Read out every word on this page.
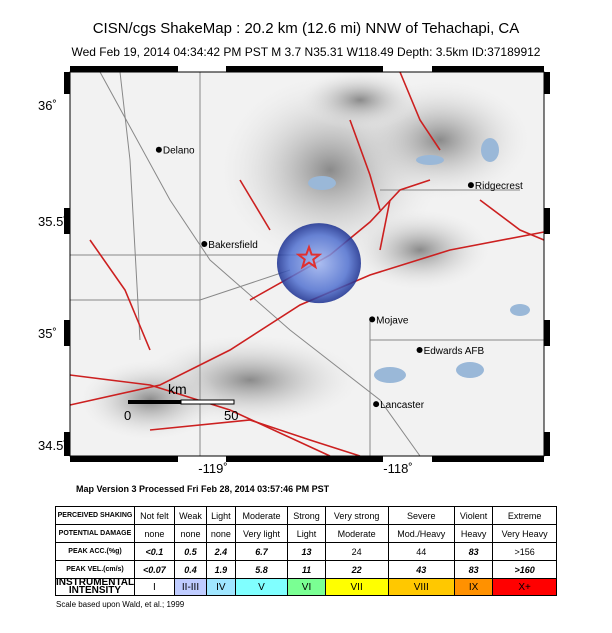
CISN/cgs ShakeMap : 20.2 km (12.6 mi) NNW of Tehachapi, CA
Wed Feb 19, 2014 04:34:42 PM PST M 3.7 N35.31 W118.49 Depth: 3.5km ID:37189912
Delano
Bakersfield
Ridgecrest
Mojave
Edwards AFB
Lancaster
km
0	50
36˚
35.5˚
35˚
34.5˚
-119˚	-118˚
Map Version 3 Processed Fri Feb 28, 2014 03:57:46 PM PST
PERCEIVED SHAKING	Not felt	Weak	Light	Moderate	Strong	Very strong	Severe	Violent	Extreme
POTENTIAL DAMAGE	none	none	none	Very light	Light	Moderate	Mod./Heavy	Heavy	Very Heavy
PEAK ACC.(%g)	<0.1	0.5	2.4	6.7	13	24	44	83	>156
PEAK VEL.(cm/s)	<0.07	0.4	1.9	5.8	11	22	43	83	>160
INSTRUMENTAL INTENSITY	I	II-III	IV	V	VI	VII	VIII	IX	X+
Scale based upon Wald, et al.; 1999
